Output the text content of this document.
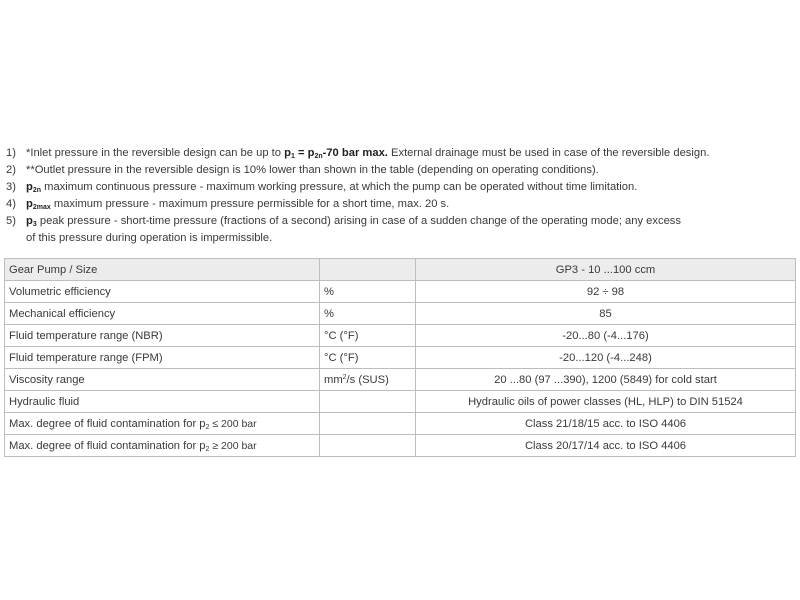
1) *Inlet pressure in the reversible design can be up to $p_1 = p_{2n}-70$ bar max. External drainage must be used in case of the reversible design.
2) **Outlet pressure in the reversible design is 10% lower than shown in the table (depending on operating conditions).
3) $p_{2n}$ maximum continuous pressure - maximum working pressure, at which the pump can be operated without time limitation.
4) $p_{2max}$ maximum pressure - maximum pressure permissible for a short time, max. 20 s.
5) $p_3$ peak pressure - short-time pressure (fractions of a second) arising in case of a sudden change of the operating mode; any excess
of this pressure during operation is impermissible.
Gear Pump / Size		GP3 - 10 ...100 ccm
Volumetric efficiency	%	92 ÷ 98
Mechanical efficiency	%	85
Fluid temperature range (NBR)	°C (°F)	-20...80 (-4...176)
Fluid temperature range (FPM)	°C (°F)	-20...120 (-4...248)
Viscosity range	$mm^2/s$ (SUS)	20 ...80 (97 ...390), 1200 (5849) for cold start
Hydraulic fluid		Hydraulic oils of power classes (HL, HLP) to DIN 51524
Max. degree of fluid contamination for $p_2 \le 200$ bar		Class 21/18/15 acc. to ISO 4406
Max. degree of fluid contamination for $p_2 \ge 200$ bar		Class 20/17/14 acc. to ISO 4406
